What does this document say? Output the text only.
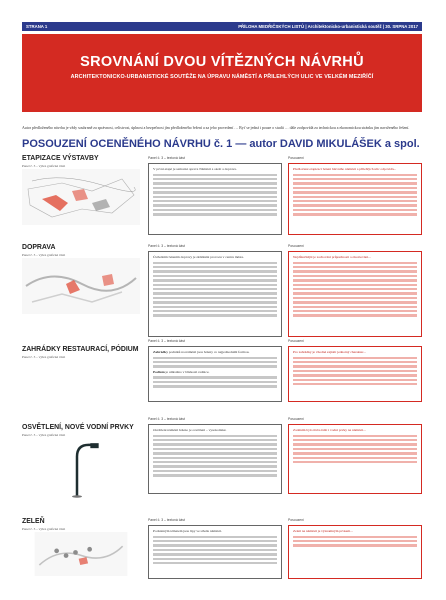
STRANA 1	PŘÍLOHA MEDŘIČSKÝCH LISTŮ | Architektonicko-urbanistická soutěž | 30. SRPNA 2017
SROVNÁNÍ DVOU VÍTĚZNÝCH NÁVRHŮ
ARCHITEKTONICKO-URBANISTICKÉ SOUTĚŽE NA ÚPRAVU NÁMĚSTÍ A PŘILEHLÝCH ULIC VE VELKÉM MEZIŘÍČÍ
Autor předloženého návrhu je vždy souhrnně za správnost, celistvost, úplnost a bezpečnost jím předloženého řešení a za jeho provedení … Byť se jedná i pouze o studii … dále zodpovídá za technickou a ekonomickou stránku jím navrženého řešení.
POSOUZENÍ OCENĚNÉHO NÁVRHU č. 1 — autor DAVID MIKULÁŠEK a spol.
ETAPIZACE VÝSTAVBY
Panel č. 3 – výřez grafické části
Panel č. 3 – textová část	Posouzení
V první etapě je samotná oprava Náměstí a okolí a doprava.	Předložené etapizaci řešení hlavního náměstí a přilehlých ulic odpovídá...
DOPRAVA
Panel č. 3 – výřez grafické části
Panel č. 3 – textová část	Posouzení
Ústředním řešením dopravy je zklidnění provozu v centru města.	Nejdůležitější je zachování průjezdnosti a zásobování...
ZAHRÁDKY RESTAURACÍ, PÓDIUM
Panel č. 3 – výřez grafické části
Panel č. 3 – textová část	Posouzení
Zahrádky podniků na náměstí jsou řešeny co nejjednodušší formou.
Podium je umístěno v blízkosti radnice.
Pro zahrádky je vhodné zajistit jednotný charakter...
OSVĚTLENÍ, NOVÉ VODNÍ PRVKY
Panel č. 3 – výřez grafické části
Panel č. 3 – textová část	Posouzení
Osvětlení náměstí řešeno je osvětlení – vysokotlaké.	Zadáním bylo třeba řešit i vodní prvky na náměstí...
ZELEŇ
Panel č. 3 – výřez grafické části
Panel č. 3 – textová část	Posouzení
Podstatným tématem jsou lípy ve středu náměstí.	Zeleň na náměstí je významným prvkem...
